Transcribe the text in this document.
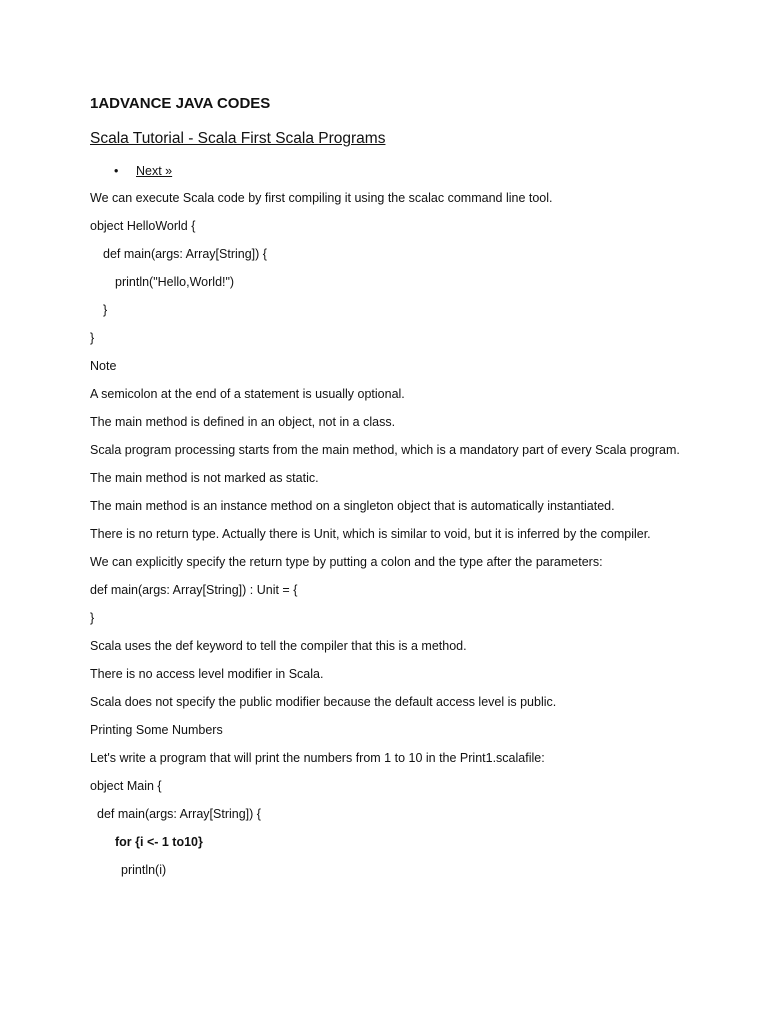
1ADVANCE JAVA CODES
Scala Tutorial - Scala First Scala Programs
• Next »
We can execute Scala code by first compiling it using the scalac command line tool.
object HelloWorld {
def main(args: Array[String]) {
println("Hello,World!")
}
}
Note
A semicolon at the end of a statement is usually optional.
The main method is defined in an object, not in a class.
Scala program processing starts from the main method, which is a mandatory part of every Scala program.
The main method is not marked as static.
The main method is an instance method on a singleton object that is automatically instantiated.
There is no return type. Actually there is Unit, which is similar to void, but it is inferred by the compiler.
We can explicitly specify the return type by putting a colon and the type after the parameters:
def main(args: Array[String]) : Unit = {
}
Scala uses the def keyword to tell the compiler that this is a method.
There is no access level modifier in Scala.
Scala does not specify the public modifier because the default access level is public.
Printing Some Numbers
Let's write a program that will print the numbers from 1 to 10 in the Print1.scalafile:
object Main {
def main(args: Array[String]) {
for {i <- 1 to10}
println(i)
